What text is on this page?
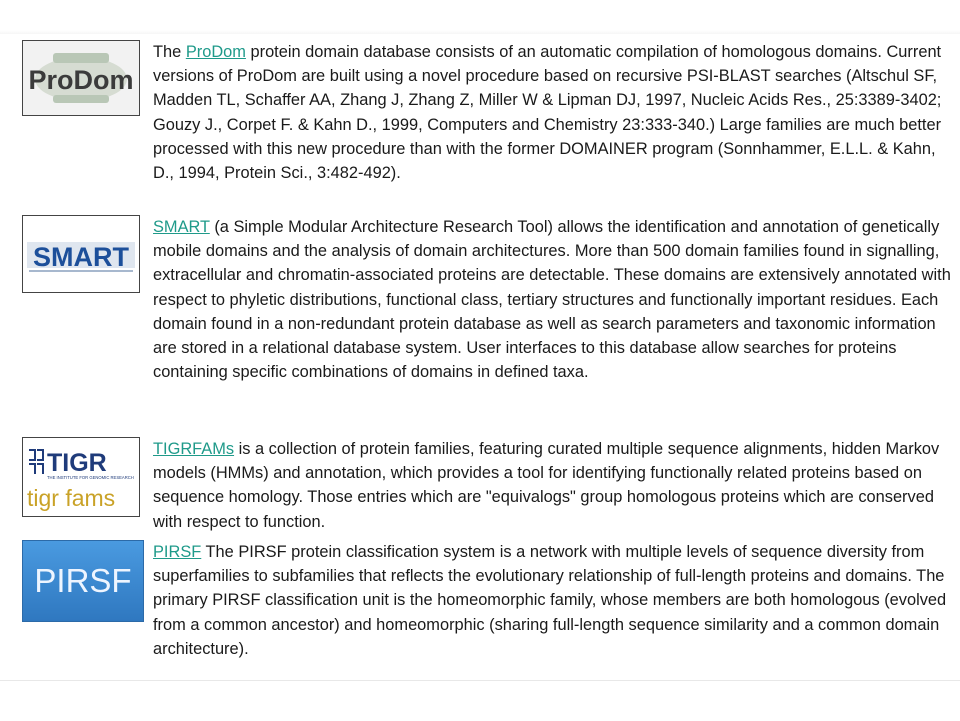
ProDom

The ProDom protein domain database consists of an automatic compilation of homologous domains. Current versions of ProDom are built using a novel procedure based on recursive PSI-BLAST searches (Altschul SF, Madden TL, Schaffer AA, Zhang J, Zhang Z, Miller W & Lipman DJ, 1997, Nucleic Acids Res., 25:3389-3402; Gouzy J., Corpet F. & Kahn D., 1999, Computers and Chemistry 23:333-340.) Large families are much better processed with this new procedure than with the former DOMAINER program (Sonnhammer, E.L.L. & Kahn, D., 1994, Protein Sci., 3:482-492).

SMART

SMART (a Simple Modular Architecture Research Tool) allows the identification and annotation of genetically mobile domains and the analysis of domain architectures. More than 500 domain families found in signalling, extracellular and chromatin-associated proteins are detectable. These domains are extensively annotated with respect to phyletic distributions, functional class, tertiary structures and functionally important residues. Each domain found in a non-redundant protein database as well as search parameters and taxonomic information are stored in a relational database system. User interfaces to this database allow searches for proteins containing specific combinations of domains in defined taxa.

TIGR
THE INSTITUTE FOR GENOMIC RESEARCH
tigr fams

TIGRFAMs is a collection of protein families, featuring curated multiple sequence alignments, hidden Markov models (HMMs) and annotation, which provides a tool for identifying functionally related proteins based on sequence homology. Those entries which are "equivalogs" group homologous proteins which are conserved with respect to function.

PIRSF

PIRSF The PIRSF protein classification system is a network with multiple levels of sequence diversity from superfamilies to subfamilies that reflects the evolutionary relationship of full-length proteins and domains. The primary PIRSF classification unit is the homeomorphic family, whose members are both homologous (evolved from a common ancestor) and homeomorphic (sharing full-length sequence similarity and a common domain architecture).
